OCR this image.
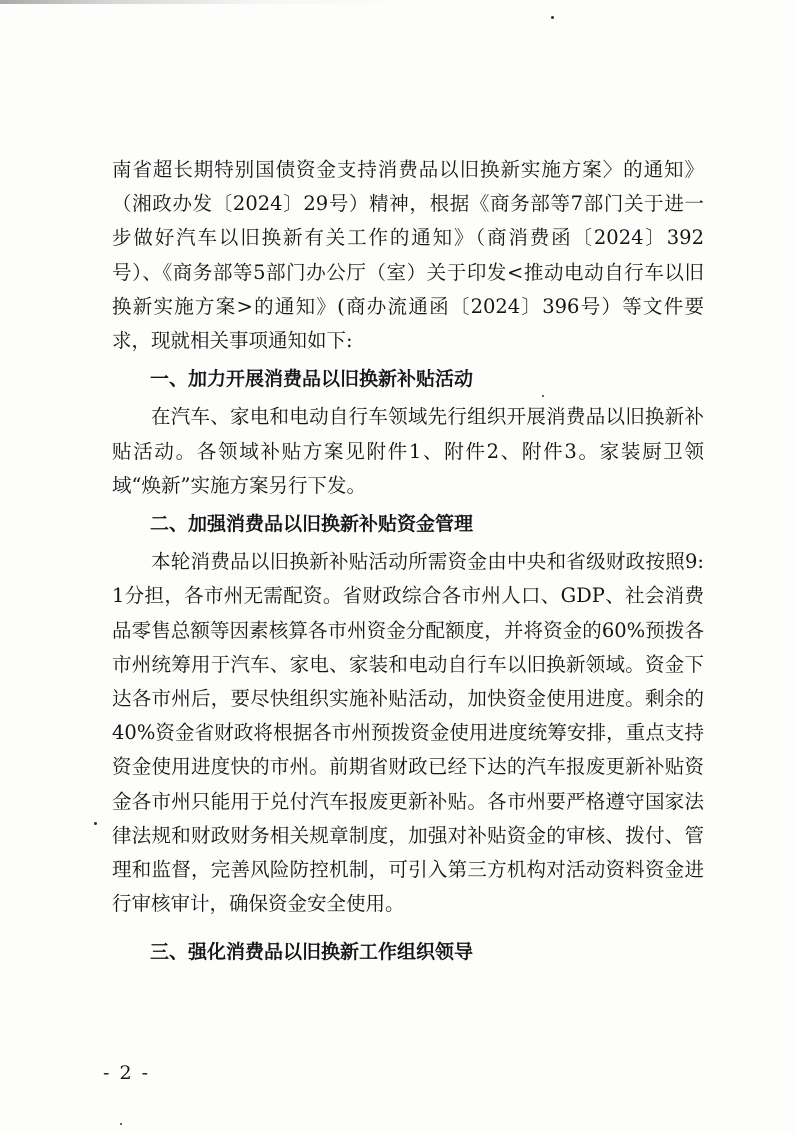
南省超长期特别国债资金支持消费品以旧换新实施方案〉的通知》（湘政办发〔2024〕29号）精神，根据《商务部等7部门关于进一步做好汽车以旧换新有关工作的通知》（商消费函〔2024〕392号）、《商务部等5部门办公厅（室）关于印发<推动电动自行车以旧换新实施方案>的通知》(商办流通函〔2024〕396号）等文件要求，现就相关事项通知如下:

一、加力开展消费品以旧换新补贴活动

在汽车、家电和电动自行车领域先行组织开展消费品以旧换新补贴活动。各领域补贴方案见附件1、附件2、附件3。家装厨卫领域“焕新”实施方案另行下发。

二、加强消费品以旧换新补贴资金管理

本轮消费品以旧换新补贴活动所需资金由中央和省级财政按照9: 1分担，各市州无需配资。省财政综合各市州人口、GDP、社会消费品零售总额等因素核算各市州资金分配额度，并将资金的60%预拨各市州统筹用于汽车、家电、家装和电动自行车以旧换新领域。资金下达各市州后，要尽快组织实施补贴活动，加快资金使用进度。剩余的40%资金省财政将根据各市州预拨资金使用进度统筹安排，重点支持资金使用进度快的市州。前期省财政已经下达的汽车报废更新补贴资金各市州只能用于兑付汽车报废更新补贴。各市州要严格遵守国家法律法规和财政财务相关规章制度，加强对补贴资金的审核、拨付、管理和监督，完善风险防控机制，可引入第三方机构对活动资料资金进行审核审计，确保资金安全使用。

三、强化消费品以旧换新工作组织领导

- 2 -
